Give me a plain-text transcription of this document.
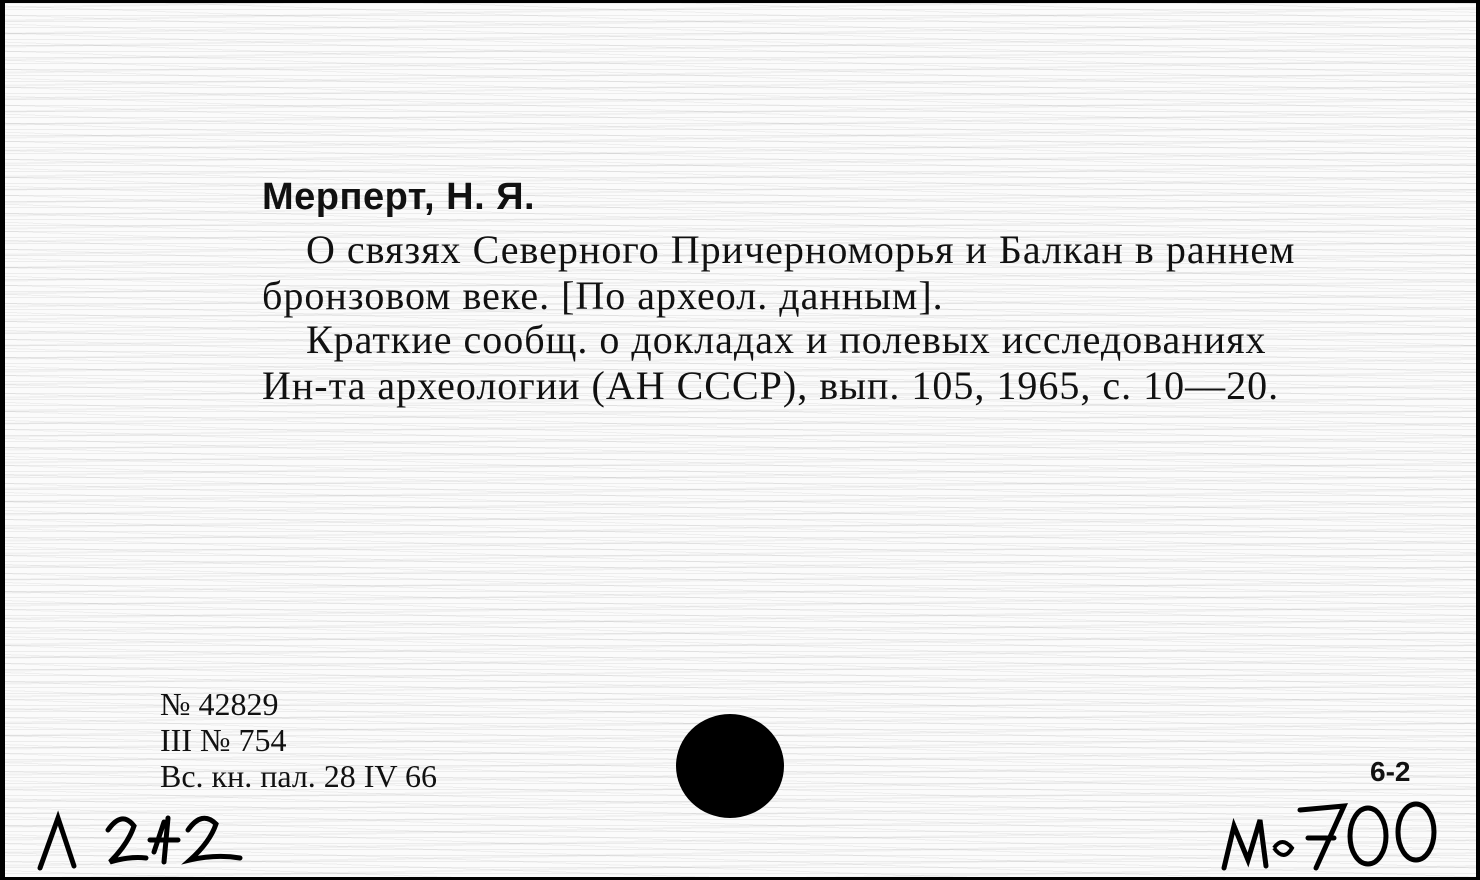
Мерперт, Н. Я.
О связях Северного Причерноморья и Балкан в раннем
бронзовом веке. [По археол. данным].
Краткие сообщ. о докладах и полевых исследованиях
Ин-та археологии (АН СССР), вып. 105, 1965, с. 10—20.
№ 42829
III № 754
Вс. кн. пал. 28 IV 66	6-2
